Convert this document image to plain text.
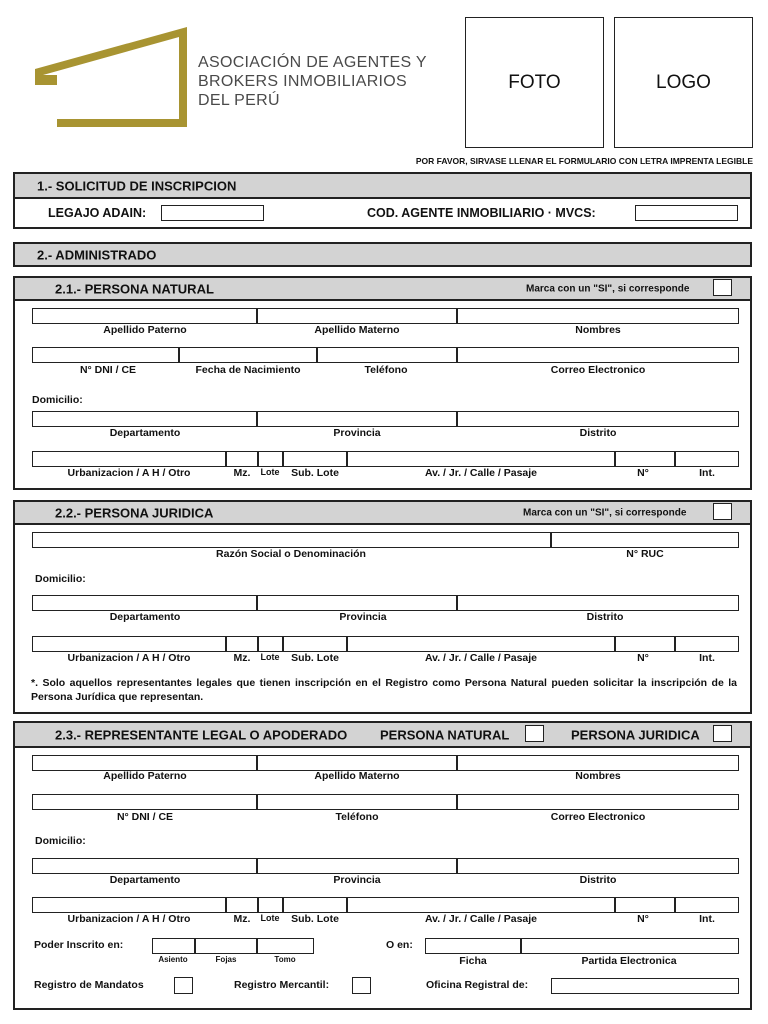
ADAIN
ASOCIACIÓN DE AGENTES Y
BROKERS INMOBILIARIOS
DEL PERÚ
FOTO	LOGO
POR FAVOR, SIRVASE LLENAR EL FORMULARIO CON LETRA IMPRENTA LEGIBLE
1.- SOLICITUD DE INSCRIPCION
LEGAJO ADAIN:	COD. AGENTE INMOBILIARIO · MVCS:
2.- ADMINISTRADO
2.1.- PERSONA NATURAL	Marca con un "SI", si corresponde
Apellido Paterno	Apellido Materno	Nombres
N° DNI / CE	Fecha de Nacimiento	Teléfono	Correo Electronico
Domicilio:
Departamento	Provincia	Distrito
Urbanizacion / A H / Otro	Mz. Lote Sub. Lote	Av. / Jr. / Calle / Pasaje	N°	Int.
2.2.- PERSONA JURIDICA	Marca con un "SI", si corresponde
Razón Social o Denominación	N° RUC
Domicilio:
Departamento	Provincia	Distrito
Urbanizacion / A H / Otro	Mz. Lote Sub. Lote	Av. / Jr. / Calle / Pasaje	N°	Int.
*. Solo aquellos representantes legales que tienen inscripción en el Registro como Persona Natural pueden solicitar la inscripción de la Persona Jurídica que representan.
2.3.- REPRESENTANTE LEGAL O APODERADO	PERSONA NATURAL	PERSONA JURIDICA
Apellido Paterno	Apellido Materno	Nombres
N° DNI / CE	Teléfono	Correo Electronico
Domicilio:
Departamento	Provincia	Distrito
Urbanizacion / A H / Otro	Mz. Lote Sub. Lote	Av. / Jr. / Calle / Pasaje	N°	Int.
Poder Inscrito en:
Asiento	Fojas	Tomo
O en:
Ficha	Partida Electronica
Registro de Mandatos	Registro Mercantil:	Oficina Registral de:
